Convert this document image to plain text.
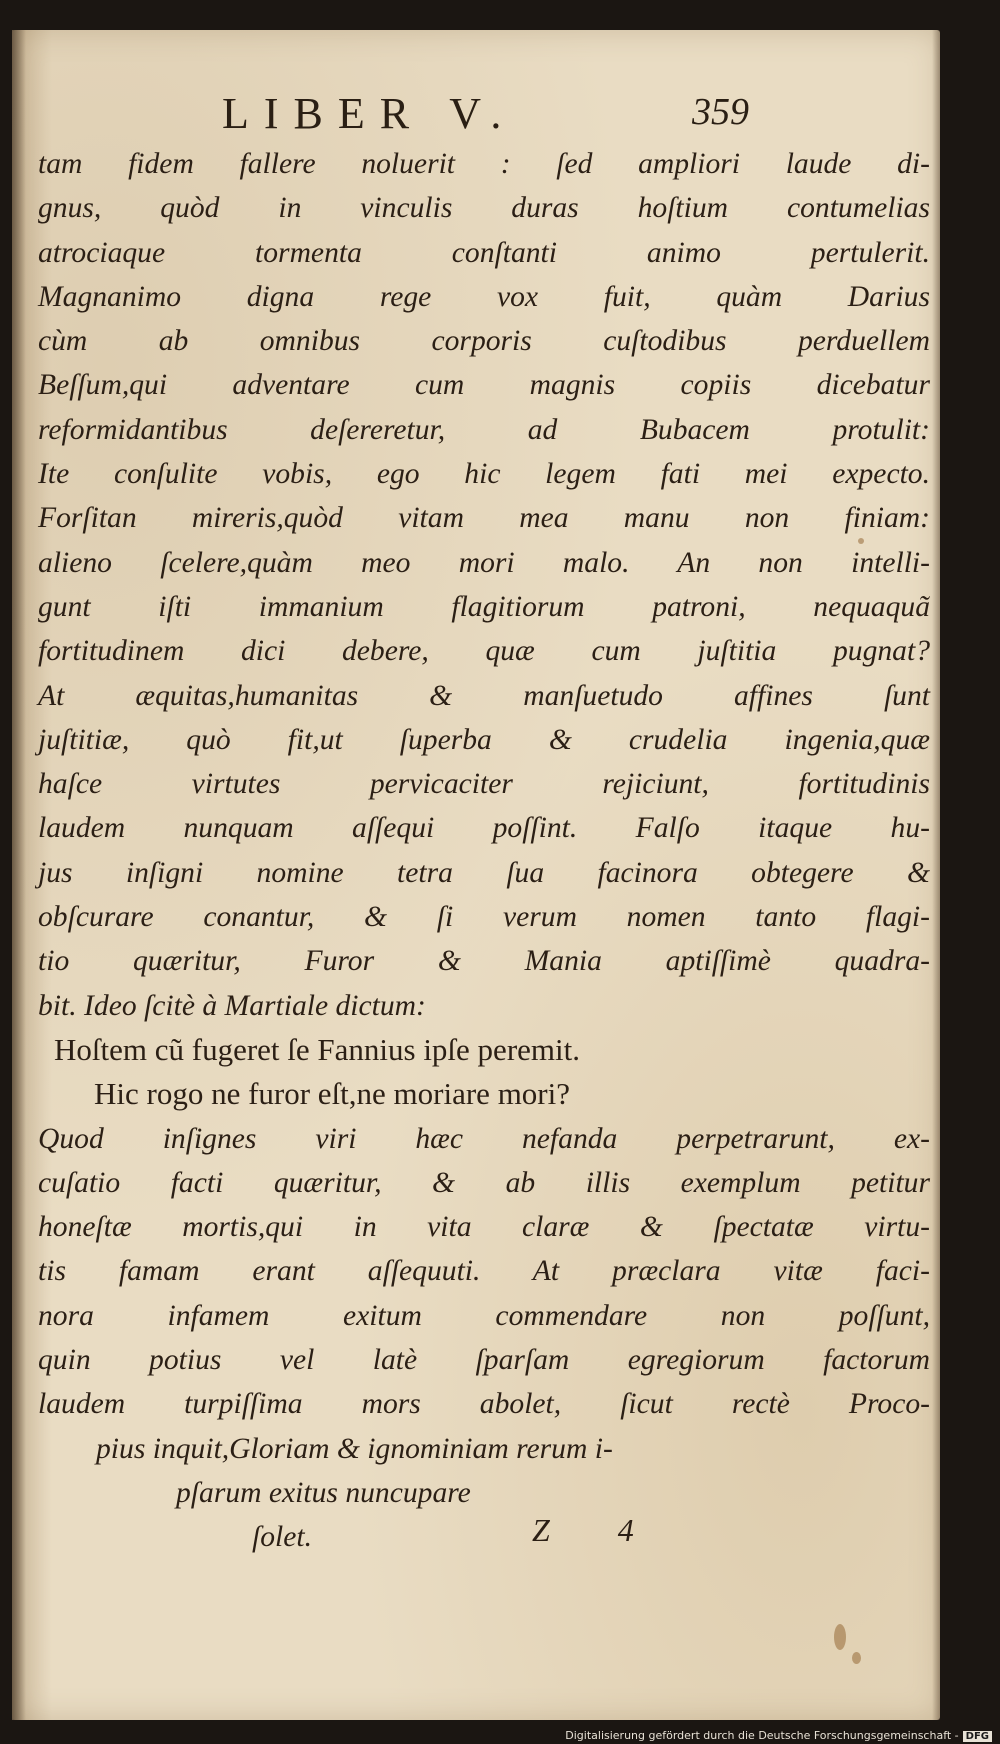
LIBER V.	359
tam fidem fallere noluerit : ſed ampliori laude di-
gnus, quòd in vinculis duras hoſtium contumelias
atrociaque tormenta conſtanti animo pertulerit.
Magnanimo digna rege vox fuit, quàm Darius
cùm ab omnibus corporis cuſtodibus perduellem
Beſſum,qui adventare cum magnis copiis dicebatur
reformidantibus deſereretur, ad Bubacem protulit:
Ite conſulite vobis, ego hic legem fati mei expecto.
Forſitan mireris,quòd vitam mea manu non finiam:
alieno ſcelere,quàm meo mori malo. An non intelli-
gunt iſti immanium flagitiorum patroni, nequaquã
fortitudinem dici debere, quæ cum juſtitia pugnat?
At æquitas,humanitas & manſuetudo affines ſunt
juſtitiæ, quò fit,ut ſuperba & crudelia ingenia,quæ
haſce virtutes pervicaciter rejiciunt, fortitudinis
laudem nunquam aſſequi poſſint. Falſo itaque hu-
jus inſigni nomine tetra ſua facinora obtegere &
obſcurare conantur, & ſi verum nomen tanto flagi-
tio quæritur, Furor & Mania aptiſſimè quadra-
bit. Ideo ſcitè à Martiale dictum:
Hoſtem cũ fugeret ſe Fannius ipſe peremit.
Hic rogo ne furor eſt,ne moriare mori?
Quod inſignes viri hæc nefanda perpetrarunt, ex-
cuſatio facti quæritur, & ab illis exemplum petitur
honeſtæ mortis,qui in vita claræ & ſpectatæ virtu-
tis famam erant aſſequuti. At præclara vitæ faci-
nora infamem exitum commendare non poſſunt,
quin potius vel latè ſparſam egregiorum factorum
laudem turpiſſima mors abolet, ſicut rectè Proco-
pius inquit,Gloriam & ignominiam rerum i-
pſarum exitus nuncupare
ſolet.	Z 4
Digitalisierung gefördert durch die Deutsche Forschungsgemeinschaft - DFG
